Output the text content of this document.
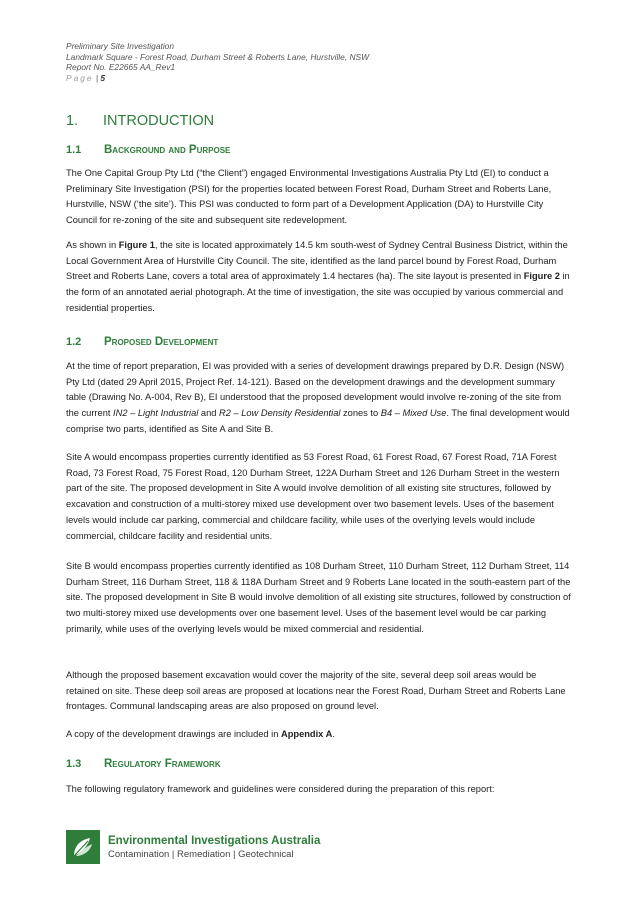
Preliminary Site Investigation
Landmark Square - Forest Road, Durham Street & Roberts Lane, Hurstville, NSW
Report No. E22665 AA_Rev1
Page | 5
1. INTRODUCTION
1.1 Background and Purpose
The One Capital Group Pty Ltd (“the Client”) engaged Environmental Investigations Australia Pty Ltd (EI) to conduct a Preliminary Site Investigation (PSI) for the properties located between Forest Road, Durham Street and Roberts Lane, Hurstville, NSW (‘the site’). This PSI was conducted to form part of a Development Application (DA) to Hurstville City Council for re-zoning of the site and subsequent site redevelopment.
As shown in Figure 1, the site is located approximately 14.5 km south-west of Sydney Central Business District, within the Local Government Area of Hurstville City Council. The site, identified as the land parcel bound by Forest Road, Durham Street and Roberts Lane, covers a total area of approximately 1.4 hectares (ha). The site layout is presented in Figure 2 in the form of an annotated aerial photograph. At the time of investigation, the site was occupied by various commercial and residential properties.
1.2 Proposed Development
At the time of report preparation, EI was provided with a series of development drawings prepared by D.R. Design (NSW) Pty Ltd (dated 29 April 2015, Project Ref. 14-121). Based on the development drawings and the development summary table (Drawing No. A-004, Rev B), EI understood that the proposed development would involve re-zoning of the site from the current IN2 – Light Industrial and R2 – Low Density Residential zones to B4 – Mixed Use. The final development would comprise two parts, identified as Site A and Site B.
Site A would encompass properties currently identified as 53 Forest Road, 61 Forest Road, 67 Forest Road, 71A Forest Road, 73 Forest Road, 75 Forest Road, 120 Durham Street, 122A Durham Street and 126 Durham Street in the western part of the site. The proposed development in Site A would involve demolition of all existing site structures, followed by excavation and construction of a multi-storey mixed use development over two basement levels. Uses of the basement levels would include car parking, commercial and childcare facility, while uses of the overlying levels would include commercial, childcare facility and residential units.
Site B would encompass properties currently identified as 108 Durham Street, 110 Durham Street, 112 Durham Street, 114 Durham Street, 116 Durham Street, 118 & 118A Durham Street and 9 Roberts Lane located in the south-eastern part of the site. The proposed development in Site B would involve demolition of all existing site structures, followed by construction of two multi-storey mixed use developments over one basement level. Uses of the basement level would be car parking primarily, while uses of the overlying levels would be mixed commercial and residential.
Although the proposed basement excavation would cover the majority of the site, several deep soil areas would be retained on site. These deep soil areas are proposed at locations near the Forest Road, Durham Street and Roberts Lane frontages. Communal landscaping areas are also proposed on ground level.
A copy of the development drawings are included in Appendix A.
1.3 Regulatory Framework
The following regulatory framework and guidelines were considered during the preparation of this report:
Environmental Investigations Australia
Contamination | Remediation | Geotechnical
